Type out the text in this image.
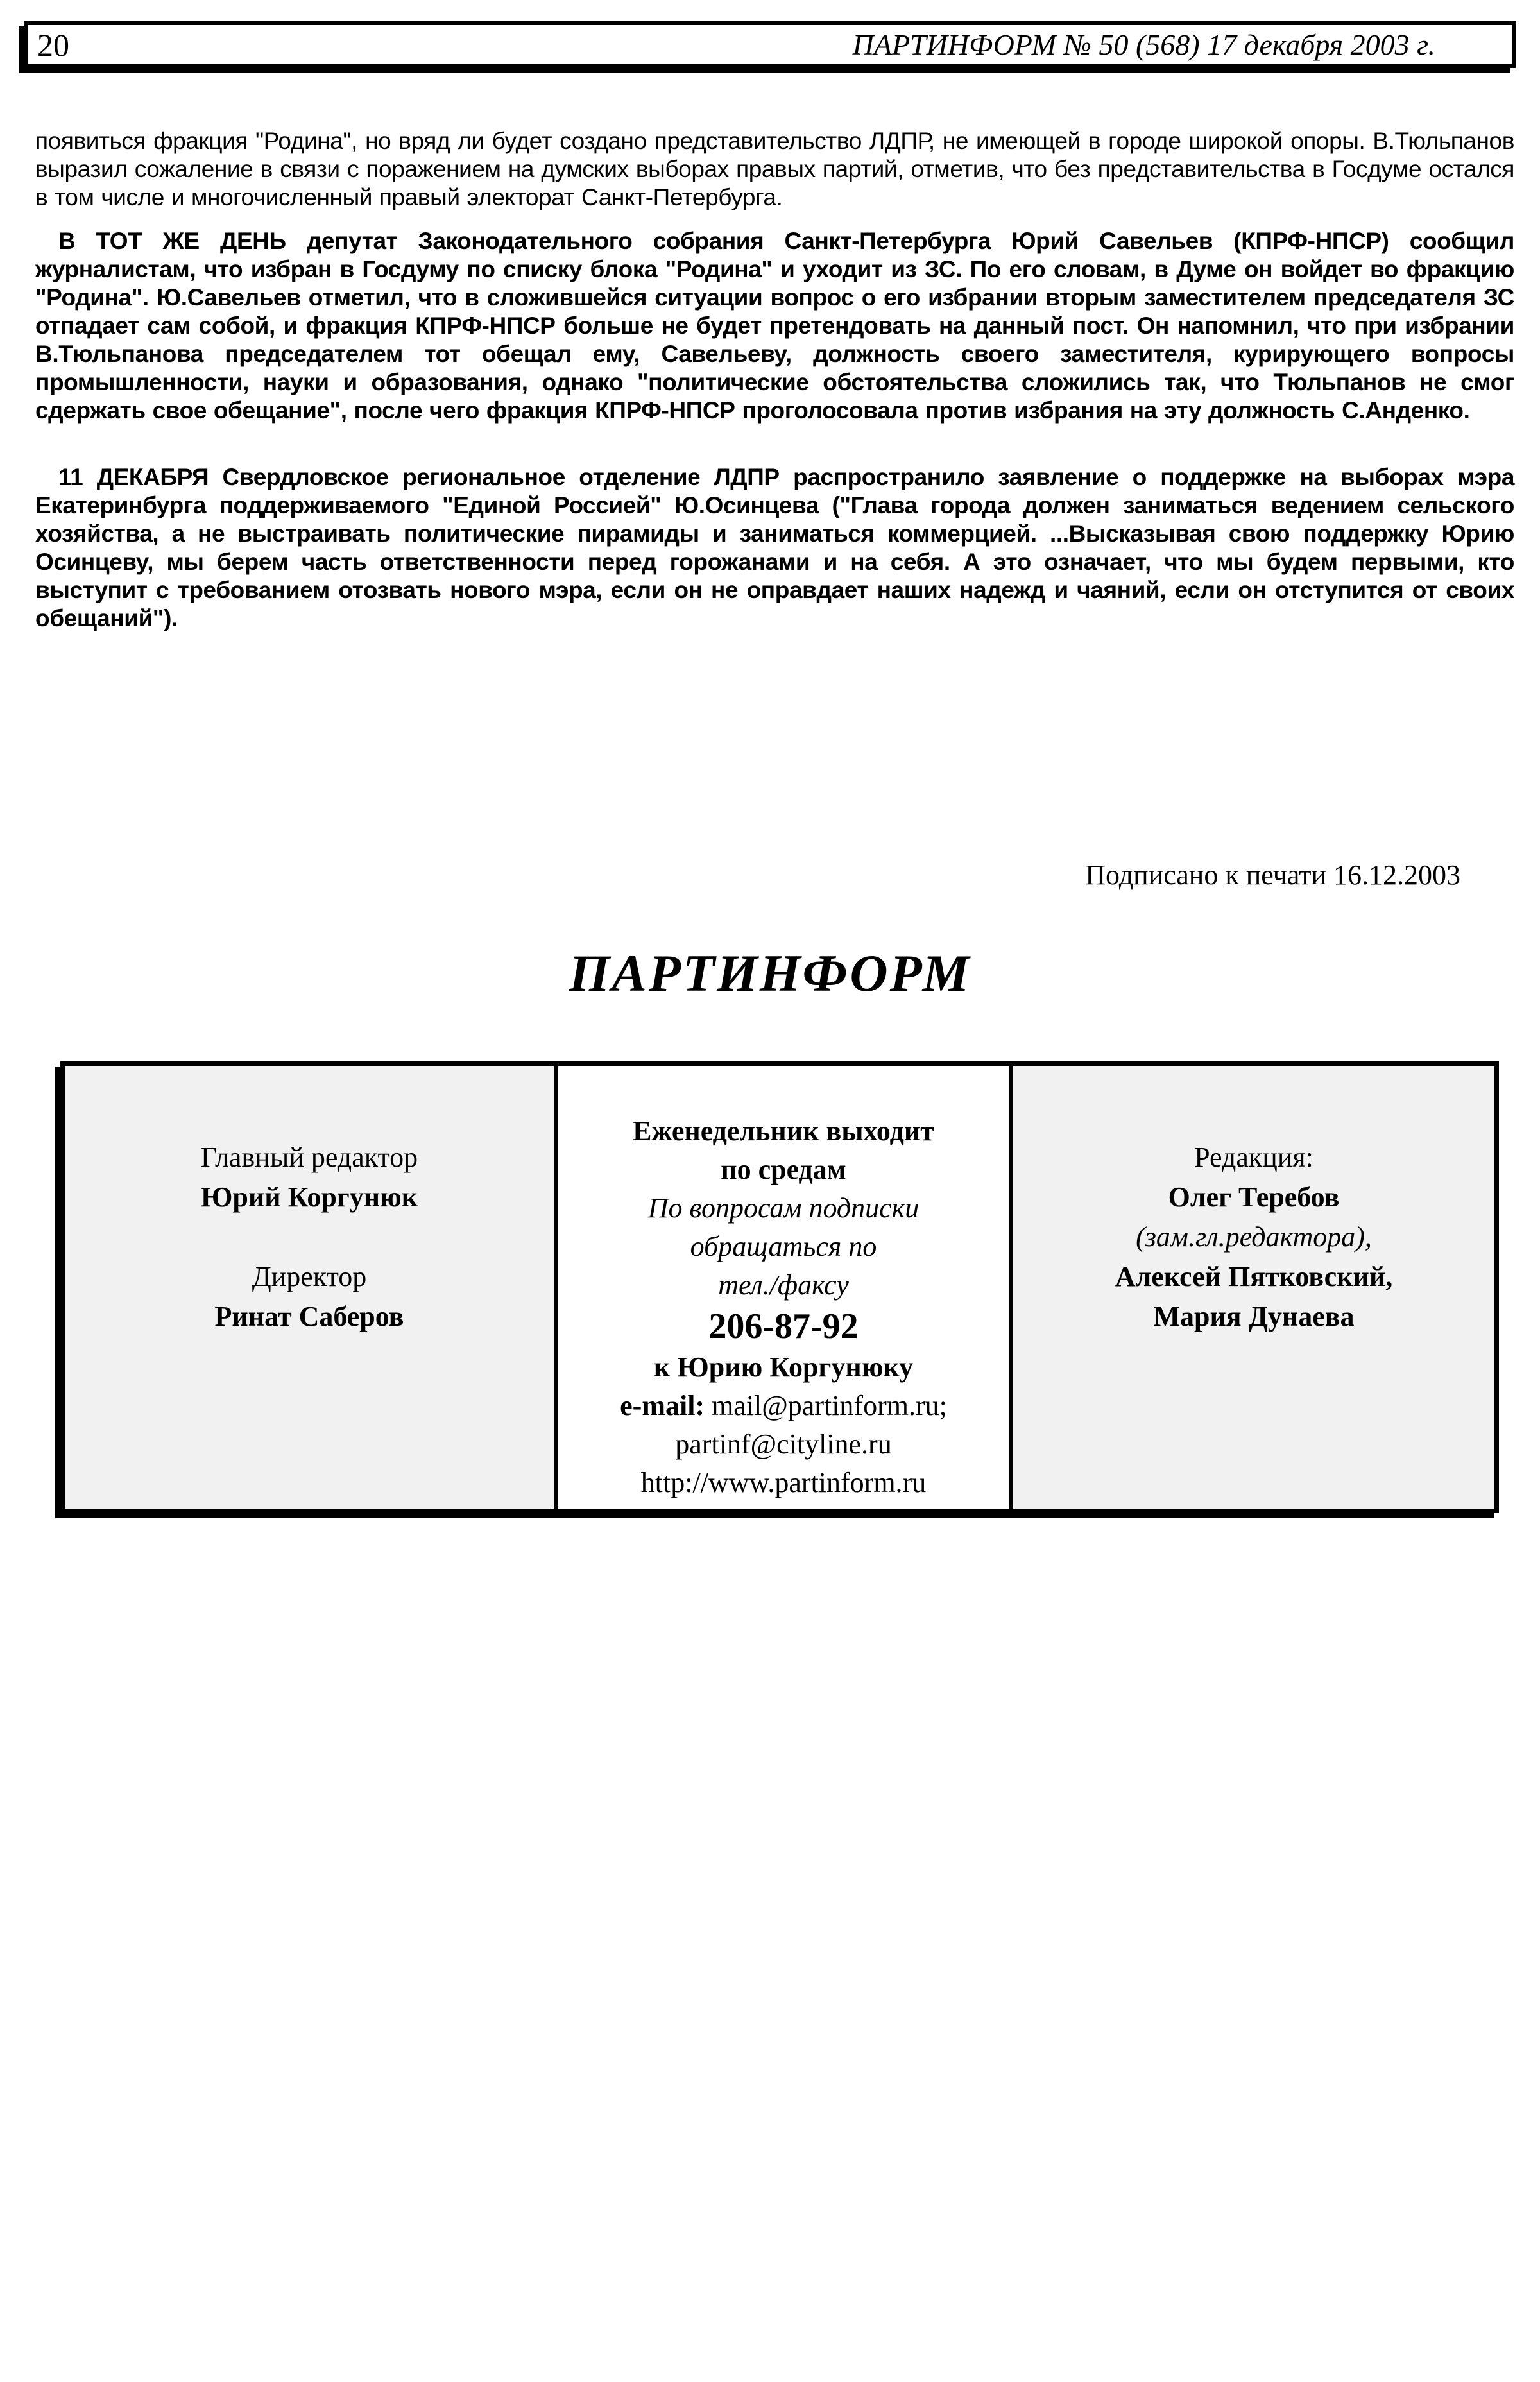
20	ПАРТИНФОРМ № 50 (568) 17 декабря 2003 г.

появиться фракция "Родина", но вряд ли будет создано представительство ЛДПР, не имеющей в городе широкой опоры. В.Тюльпанов выразил сожаление в связи с поражением на думских выборах правых партий, отметив, что без представительства в Госдуме остался в том числе и многочисленный правый электорат Санкт-Петербурга.

В ТОТ ЖЕ ДЕНЬ депутат Законодательного собрания Санкт-Петербурга Юрий Савельев (КПРФ-НПСР) сообщил журналистам, что избран в Госдуму по списку блока "Родина" и уходит из ЗС. По его словам, в Думе он войдет во фракцию "Родина". Ю.Савельев отметил, что в сложившейся ситуации вопрос о его избрании вторым заместителем председателя ЗС отпадает сам собой, и фракция КПРФ-НПСР больше не будет претендовать на данный пост. Он напомнил, что при избрании В.Тюльпанова председателем тот обещал ему, Савельеву, должность своего заместителя, курирующего вопросы промышленности, науки и образования, однако "политические обстоятельства сложились так, что Тюльпанов не смог сдержать свое обещание", после чего фракция КПРФ-НПСР проголосовала против избрания на эту должность С.Анденко.

11 ДЕКАБРЯ Свердловское региональное отделение ЛДПР распространило заявление о поддержке на выборах мэра Екатеринбурга поддерживаемого "Единой Россией" Ю.Осинцева ("Глава города должен заниматься ведением сельского хозяйства, а не выстраивать политические пирамиды и заниматься коммерцией. ...Высказывая свою поддержку Юрию Осинцеву, мы берем часть ответственности перед горожанами и на себя. А это означает, что мы будем первыми, кто выступит с требованием отозвать нового мэра, если он не оправдает наших надежд и чаяний, если он отступится от своих обещаний").

Подписано к печати 16.12.2003
ПАРТИНФОРМ
Главный редактор
Юрий Коргунюк
Директор
Ринат Саберов
Еженедельник выходит
по средам
По вопросам подписки
обращаться по
тел./факсу
206-87-92
к Юрию Коргунюку
e-mail: mail@partinform.ru;
partinf@cityline.ru
http://www.partinform.ru
Редакция:
Олег Теребов
(зам.гл.редактора),
Алексей Пятковский,
Мария Дунаева
